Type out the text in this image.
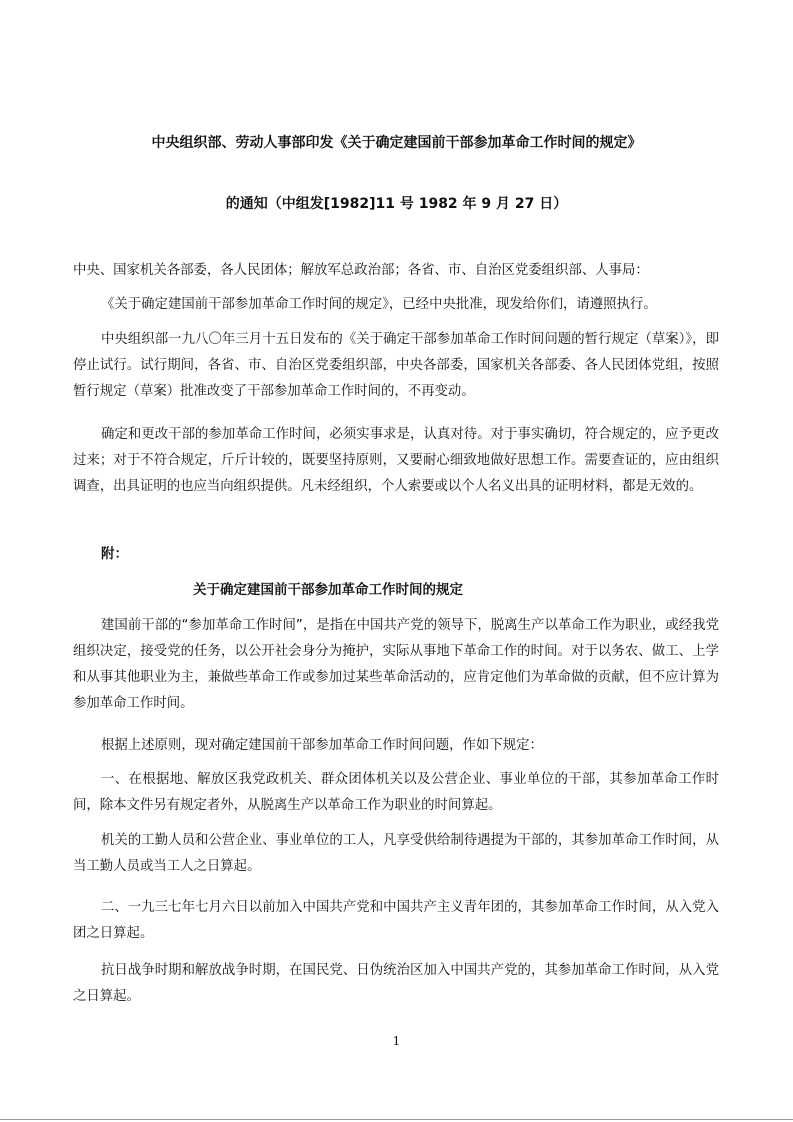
中央组织部、劳动人事部印发《关于确定建国前干部参加革命工作时间的规定》
的通知（中组发[1982]11 号 1982 年 9 月 27 日）

中央、国家机关各部委，各人民团体；解放军总政治部；各省、市、自治区党委组织部、人事局：

《关于确定建国前干部参加革命工作时间的规定》，已经中央批准，现发给你们，请遵照执行。

中央组织部一九八〇年三月十五日发布的《关于确定干部参加革命工作时间问题的暂行规定（草案）》，即停止试行。试行期间，各省、市、自治区党委组织部，中央各部委，国家机关各部委、各人民团体党组，按照暂行规定（草案）批准改变了干部参加革命工作时间的，不再变动。

确定和更改干部的参加革命工作时间，必须实事求是，认真对待。对于事实确切，符合规定的，应予更改过来；对于不符合规定，斤斤计较的，既要坚持原则，又要耐心细致地做好思想工作。需要查证的，应由组织调查，出具证明的也应当向组织提供。凡未经组织，个人索要或以个人名义出具的证明材料，都是无效的。

附：
关于确定建国前干部参加革命工作时间的规定

建国前干部的“参加革命工作时间”，是指在中国共产党的领导下，脱离生产以革命工作为职业，或经我党组织决定，接受党的任务，以公开社会身分为掩护，实际从事地下革命工作的时间。对于以务农、做工、上学和从事其他职业为主，兼做些革命工作或参加过某些革命活动的，应肯定他们为革命做的贡献，但不应计算为参加革命工作时间。

根据上述原则，现对确定建国前干部参加革命工作时间问题，作如下规定：

一、在根据地、解放区我党政机关、群众团体机关以及公营企业、事业单位的干部，其参加革命工作时间，除本文件另有规定者外，从脱离生产以革命工作为职业的时间算起。

机关的工勤人员和公营企业、事业单位的工人，凡享受供给制待遇提为干部的，其参加革命工作时间，从当工勤人员或当工人之日算起。

二、一九三七年七月六日以前加入中国共产党和中国共产主义青年团的，其参加革命工作时间，从入党入团之日算起。

抗日战争时期和解放战争时期，在国民党、日伪统治区加入中国共产党的，其参加革命工作时间，从入党之日算起。

1
